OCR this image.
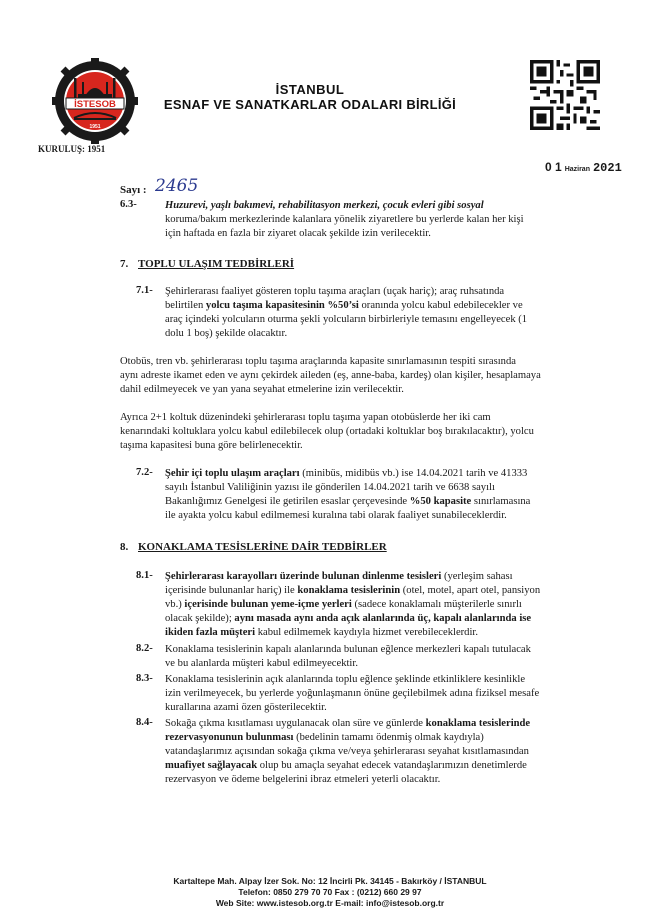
İSTESOB
1951
KURULUŞ: 1951
İSTANBUL
ESNAF VE SANATKARLAR ODALARI BİRLİĞİ
0 1 Haziran 2021
Sayı : 2465
6.3-	Huzurevi, yaşlı bakımevi, rehabilitasyon merkezi, çocuk evleri gibi sosyal
koruma/bakım merkezlerinde kalanlara yönelik ziyaretlere bu yerlerde kalan her kişi
için haftada en fazla bir ziyaret olacak şekilde izin verilecektir.
7. TOPLU ULAŞIM TEDBİRLERİ
7.1- Şehirlerarası faaliyet gösteren toplu taşıma araçları (uçak hariç); araç ruhsatında
belirtilen yolcu taşıma kapasitesinin %50’si oranında yolcu kabul edebilecekler ve
araç içindeki yolcuların oturma şekli yolcuların birbirleriyle temasını engelleyecek (1
dolu 1 boş) şekilde olacaktır.
Otobüs, tren vb. şehirlerarası toplu taşıma araçlarında kapasite sınırlamasının tespiti sırasında
aynı adreste ikamet eden ve aynı çekirdek aileden (eş, anne-baba, kardeş) olan kişiler, hesaplamaya
dahil edilmeyecek ve yan yana seyahat etmelerine izin verilecektir.
Ayrıca 2+1 koltuk düzenindeki şehirlerarası toplu taşıma yapan otobüslerde her iki cam
kenarındaki koltuklara yolcu kabul edilebilecek olup (ortadaki koltuklar boş bırakılacaktır), yolcu
taşıma kapasitesi buna göre belirlenecektir.
7.2- Şehir içi toplu ulaşım araçları (minibüs, midibüs vb.) ise 14.04.2021 tarih ve 41333
sayılı İstanbul Valiliğinin yazısı ile gönderilen 14.04.2021 tarih ve 6638 sayılı
Bakanlığımız Genelgesi ile getirilen esaslar çerçevesinde %50 kapasite sınırlamasına
ile ayakta yolcu kabul edilmemesi kuralına tabi olarak faaliyet sunabileceklerdir.
8. KONAKLAMA TESİSLERİNE DAİR TEDBİRLER
8.1- Şehirlerarası karayolları üzerinde bulunan dinlenme tesisleri (yerleşim sahası
içerisinde bulunanlar hariç) ile konaklama tesislerinin (otel, motel, apart otel, pansiyon
vb.) içerisinde bulunan yeme-içme yerleri (sadece konaklamalı müşterilerle sınırlı
olacak şekilde); aynı masada aynı anda açık alanlarında üç, kapalı alanlarında ise
ikiden fazla müşteri kabul edilmemek kaydıyla hizmet verebileceklerdir.
8.2- Konaklama tesislerinin kapalı alanlarında bulunan eğlence merkezleri kapalı tutulacak
ve bu alanlarda müşteri kabul edilmeyecektir.
8.3- Konaklama tesislerinin açık alanlarında toplu eğlence şeklinde etkinliklere kesinlikle
izin verilmeyecek, bu yerlerde yoğunlaşmanın önüne geçilebilmek adına fiziksel mesafe
kurallarına azami özen gösterilecektir.
8.4- Sokağa çıkma kısıtlaması uygulanacak olan süre ve günlerde konaklama tesislerinde
rezervasyonunun bulunması (bedelinin tamamı ödenmiş olmak kaydıyla)
vatandaşlarımız açısından sokağa çıkma ve/veya şehirlerarası seyahat kısıtlamasından
muafiyet sağlayacak olup bu amaçla seyahat edecek vatandaşlarımızın denetimlerde
rezervasyon ve ödeme belgelerini ibraz etmeleri yeterli olacaktır.
Kartaltepe Mah. Alpay İzer Sok. No: 12 İncirli Pk. 34145 - Bakırköy / İSTANBUL
Telefon: 0850 279 70 70 Fax : (0212) 660 29 97
Web Site: www.istesob.org.tr E-mail: info@istesob.org.tr
